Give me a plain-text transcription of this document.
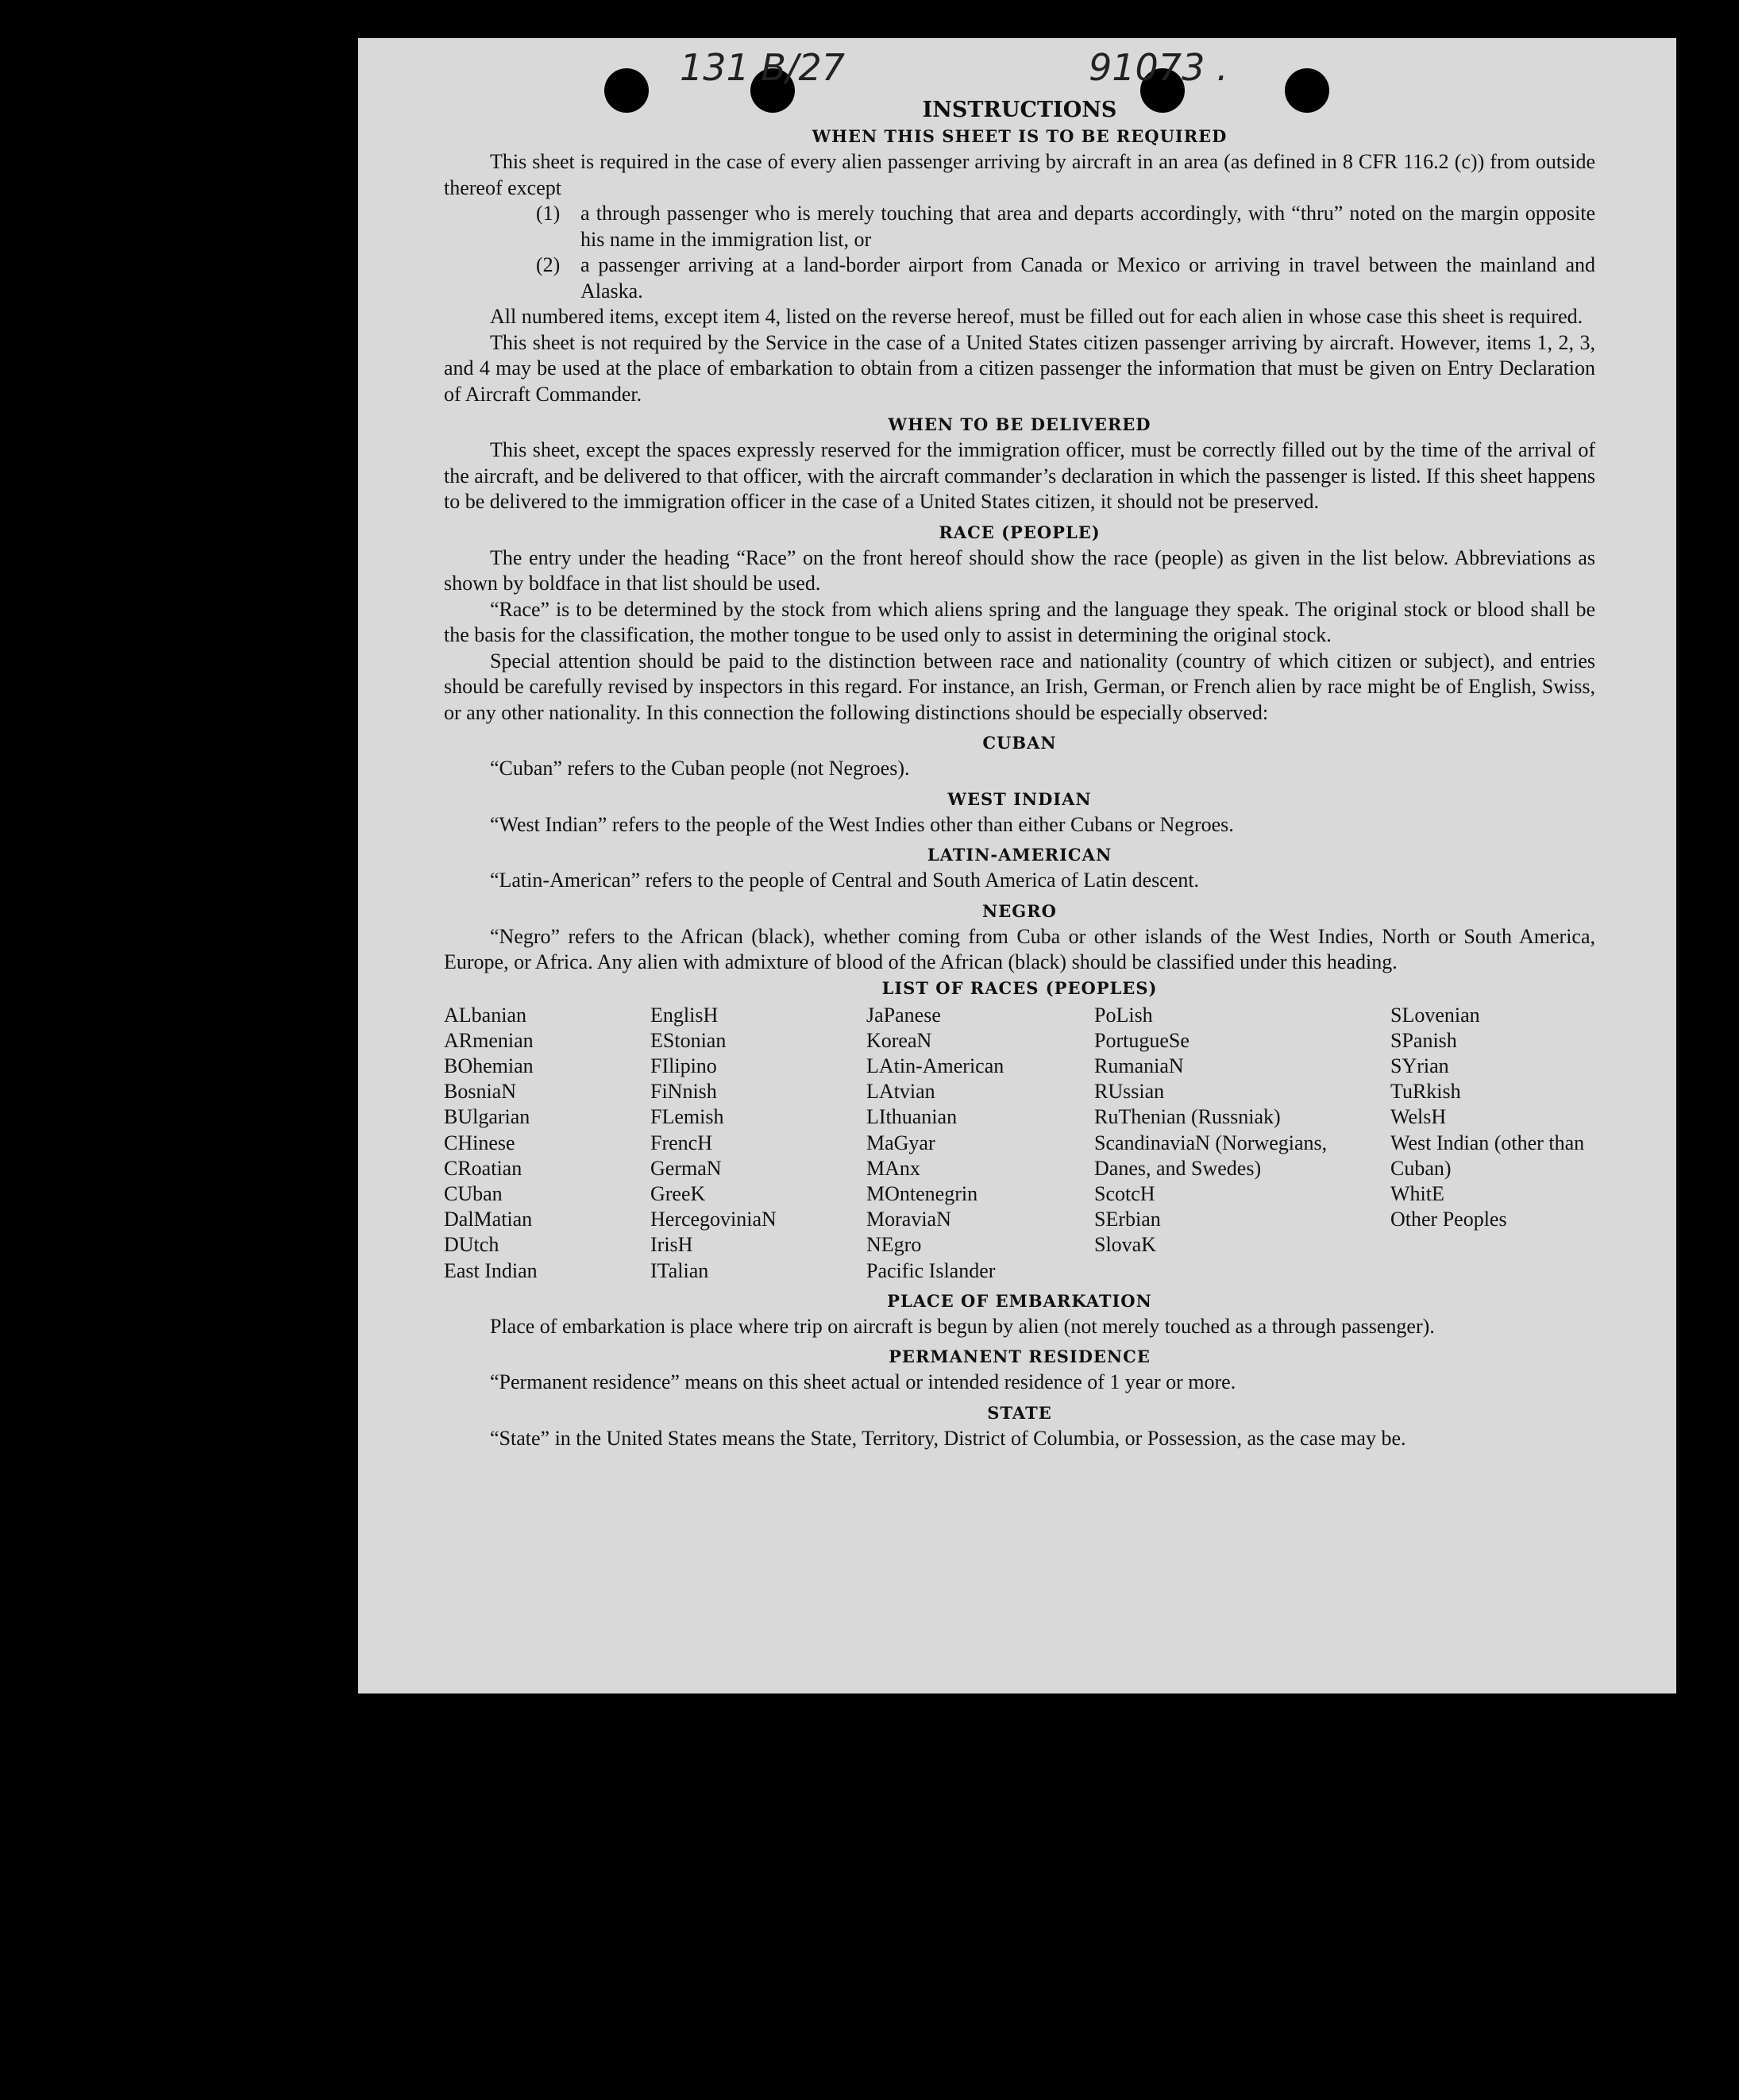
131 B/27	91073 .
INSTRUCTIONS
WHEN THIS SHEET IS TO BE REQUIRED

This sheet is required in the case of every alien passenger arriving by aircraft in an area (as defined in 8 CFR 116.2 (c)) from outside thereof except

(1) a through passenger who is merely touching that area and departs accordingly, with “thru” noted on the margin opposite his name in the immigration list, or
(2) a passenger arriving at a land-border airport from Canada or Mexico or arriving in travel between the mainland and Alaska.

All numbered items, except item 4, listed on the reverse hereof, must be filled out for each alien in whose case this sheet is required.

This sheet is not required by the Service in the case of a United States citizen passenger arriving by aircraft. However, items 1, 2, 3, and 4 may be used at the place of embarkation to obtain from a citizen passenger the information that must be given on Entry Declaration of Aircraft Commander.

WHEN TO BE DELIVERED

This sheet, except the spaces expressly reserved for the immigration officer, must be correctly filled out by the time of the arrival of the aircraft, and be delivered to that officer, with the aircraft commander’s declaration in which the passenger is listed. If this sheet happens to be delivered to the immigration officer in the case of a United States citizen, it should not be preserved.

RACE (PEOPLE)

The entry under the heading “Race” on the front hereof should show the race (people) as given in the list below. Abbreviations as shown by boldface in that list should be used.

“Race” is to be determined by the stock from which aliens spring and the language they speak. The original stock or blood shall be the basis for the classification, the mother tongue to be used only to assist in determining the original stock.

Special attention should be paid to the distinction between race and nationality (country of which citizen or subject), and entries should be carefully revised by inspectors in this regard. For instance, an Irish, German, or French alien by race might be of English, Swiss, or any other nationality. In this connection the following distinctions should be especially observed:

CUBAN

“Cuban” refers to the Cuban people (not Negroes).

WEST INDIAN

“West Indian” refers to the people of the West Indies other than either Cubans or Negroes.

LATIN-AMERICAN

“Latin-American” refers to the people of Central and South America of Latin descent.

NEGRO

“Negro” refers to the African (black), whether coming from Cuba or other islands of the West Indies, North or South America, Europe, or Africa. Any alien with admixture of blood of the African (black) should be classified under this heading.

LIST OF RACES (PEOPLES)
ALbanian
ARmenian
BOhemian
BosniaN
BUlgarian
CHinese
CRoatian
CUban
DalMatian
DUtch
East Indian
EnglisH
EStonian
FIlipino
FiNnish
FLemish
FrencH
GermaN
GreeK
HercegoviniaN
IrisH
ITalian
JaPanese
KoreaN
LAtin-American
LAtvian
LIthuanian
MaGyar
MAnx
MOntenegrin
MoraviaN
NEgro
Pacific Islander
PoLish
PortugueSe
RumaniaN
RUssian
RuThenian (Russniak)
ScandinaviaN (Norwegians, Danes, and Swedes)
ScotcH
SErbian
SlovaK
SLovenian
SPanish
SYrian
TuRkish
WelsH
West Indian (other than Cuban)
WhitE
Other Peoples
PLACE OF EMBARKATION

Place of embarkation is place where trip on aircraft is begun by alien (not merely touched as a through passenger).

PERMANENT RESIDENCE

“Permanent residence” means on this sheet actual or intended residence of 1 year or more.

STATE

“State” in the United States means the State, Territory, District of Columbia, or Possession, as the case may be.
